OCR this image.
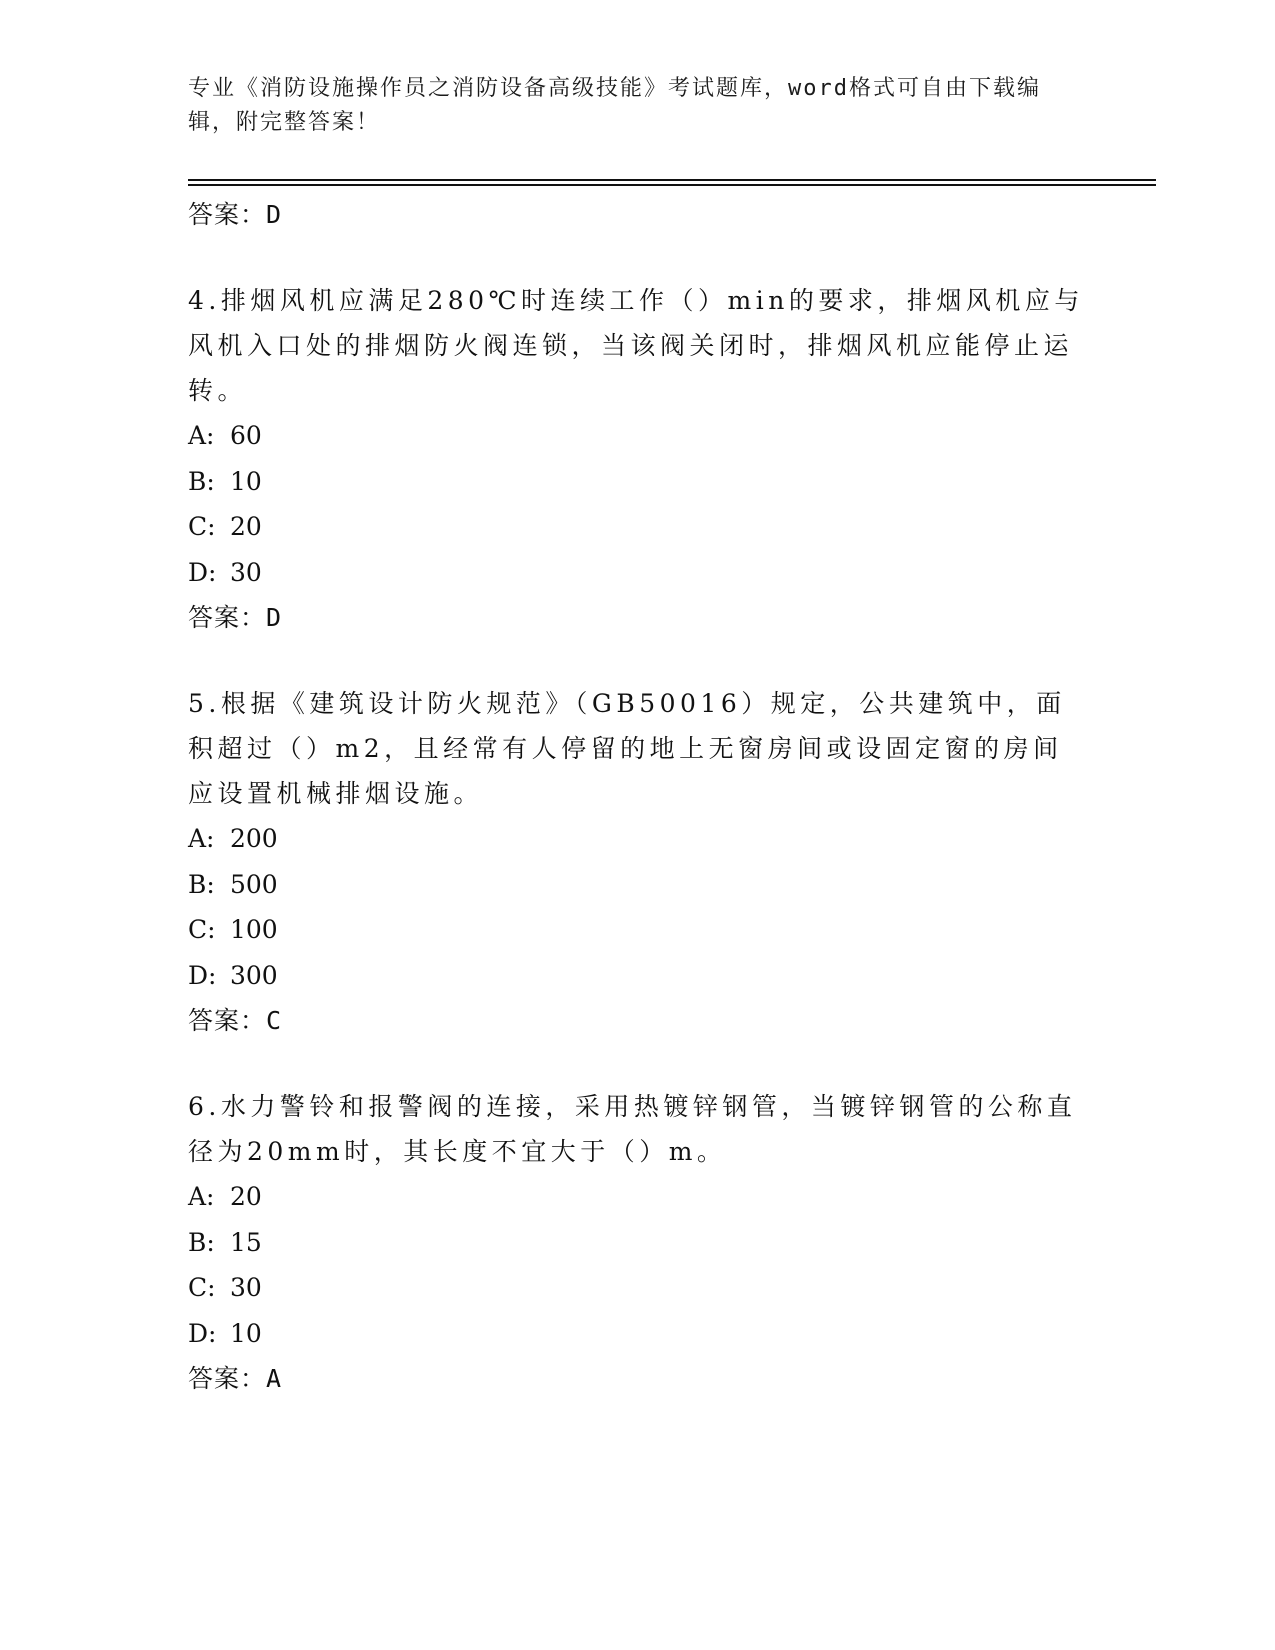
专业《消防设施操作员之消防设备高级技能》考试题库，word格式可自由下载编
辑，附完整答案！
答案：D
4.排烟风机应满足280℃时连续工作（）min的要求，排烟风机应与风机入口处的排烟防火阀连锁，当该阀关闭时，排烟风机应能停止运转。
A: 60
B: 10
C: 20
D: 30
答案：D
5.根据《建筑设计防火规范》（GB50016）规定，公共建筑中，面积超过（）m2，且经常有人停留的地上无窗房间或设固定窗的房间应设置机械排烟设施。
A: 200
B: 500
C: 100
D: 300
答案：C
6.水力警铃和报警阀的连接，采用热镀锌钢管，当镀锌钢管的公称直径为20mm时，其长度不宜大于（）m。
A: 20
B: 15
C: 30
D: 10
答案：A
